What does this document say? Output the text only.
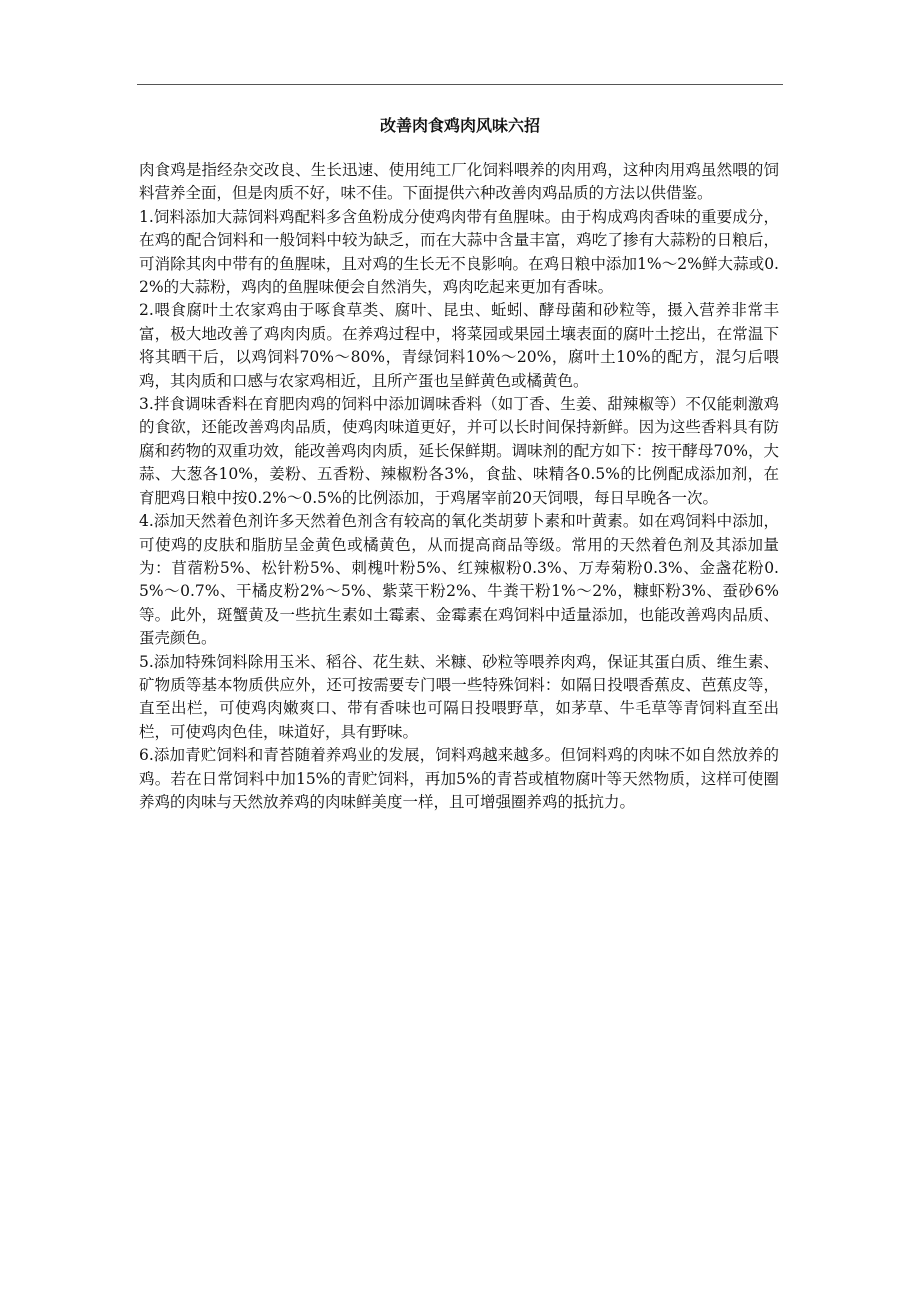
改善肉食鸡肉风味六招

肉食鸡是指经杂交改良、生长迅速、使用纯工厂化饲料喂养的肉用鸡，这种肉用鸡虽然喂的饲料营养全面，但是肉质不好，味不佳。下面提供六种改善肉鸡品质的方法以供借鉴。

1.饲料添加大蒜饲料鸡配料多含鱼粉成分使鸡肉带有鱼腥味。由于构成鸡肉香味的重要成分，在鸡的配合饲料和一般饲料中较为缺乏，而在大蒜中含量丰富，鸡吃了掺有大蒜粉的日粮后，可消除其肉中带有的鱼腥味，且对鸡的生长无不良影响。在鸡日粮中添加1%～2%鲜大蒜或0.2%的大蒜粉，鸡肉的鱼腥味便会自然消失，鸡肉吃起来更加有香味。

2.喂食腐叶土农家鸡由于啄食草类、腐叶、昆虫、蚯蚓、酵母菌和砂粒等，摄入营养非常丰富，极大地改善了鸡肉肉质。在养鸡过程中，将菜园或果园土壤表面的腐叶土挖出，在常温下将其晒干后，以鸡饲料70%～80%，青绿饲料10%～20%，腐叶土10%的配方，混匀后喂鸡，其肉质和口感与农家鸡相近，且所产蛋也呈鲜黄色或橘黄色。

3.拌食调味香料在育肥肉鸡的饲料中添加调味香料（如丁香、生姜、甜辣椒等）不仅能刺激鸡的食欲，还能改善鸡肉品质，使鸡肉味道更好，并可以长时间保持新鲜。因为这些香料具有防腐和药物的双重功效，能改善鸡肉肉质，延长保鲜期。调味剂的配方如下：按干酵母70%，大蒜、大葱各10%，姜粉、五香粉、辣椒粉各3%，食盐、味精各0.5%的比例配成添加剂，在育肥鸡日粮中按0.2%～0.5%的比例添加，于鸡屠宰前20天饲喂，每日早晚各一次。

4.添加天然着色剂许多天然着色剂含有较高的氧化类胡萝卜素和叶黄素。如在鸡饲料中添加，可使鸡的皮肤和脂肪呈金黄色或橘黄色，从而提高商品等级。常用的天然着色剂及其添加量为：苜蓿粉5%、松针粉5%、刺槐叶粉5%、红辣椒粉0.3%、万寿菊粉0.3%、金盏花粉0.5%～0.7%、干橘皮粉2%～5%、紫菜干粉2%、牛粪干粉1%～2%，糠虾粉3%、蚕砂6%等。此外，斑蟹黄及一些抗生素如土霉素、金霉素在鸡饲料中适量添加，也能改善鸡肉品质、蛋壳颜色。

5.添加特殊饲料除用玉米、稻谷、花生麸、米糠、砂粒等喂养肉鸡，保证其蛋白质、维生素、矿物质等基本物质供应外，还可按需要专门喂一些特殊饲料：如隔日投喂香蕉皮、芭蕉皮等，直至出栏，可使鸡肉嫩爽口、带有香味也可隔日投喂野草，如茅草、牛毛草等青饲料直至出栏，可使鸡肉色佳，味道好，具有野味。

6.添加青贮饲料和青苔随着养鸡业的发展，饲料鸡越来越多。但饲料鸡的肉味不如自然放养的鸡。若在日常饲料中加15%的青贮饲料，再加5%的青苔或植物腐叶等天然物质，这样可使圈养鸡的肉味与天然放养鸡的肉味鲜美度一样，且可增强圈养鸡的抵抗力。
